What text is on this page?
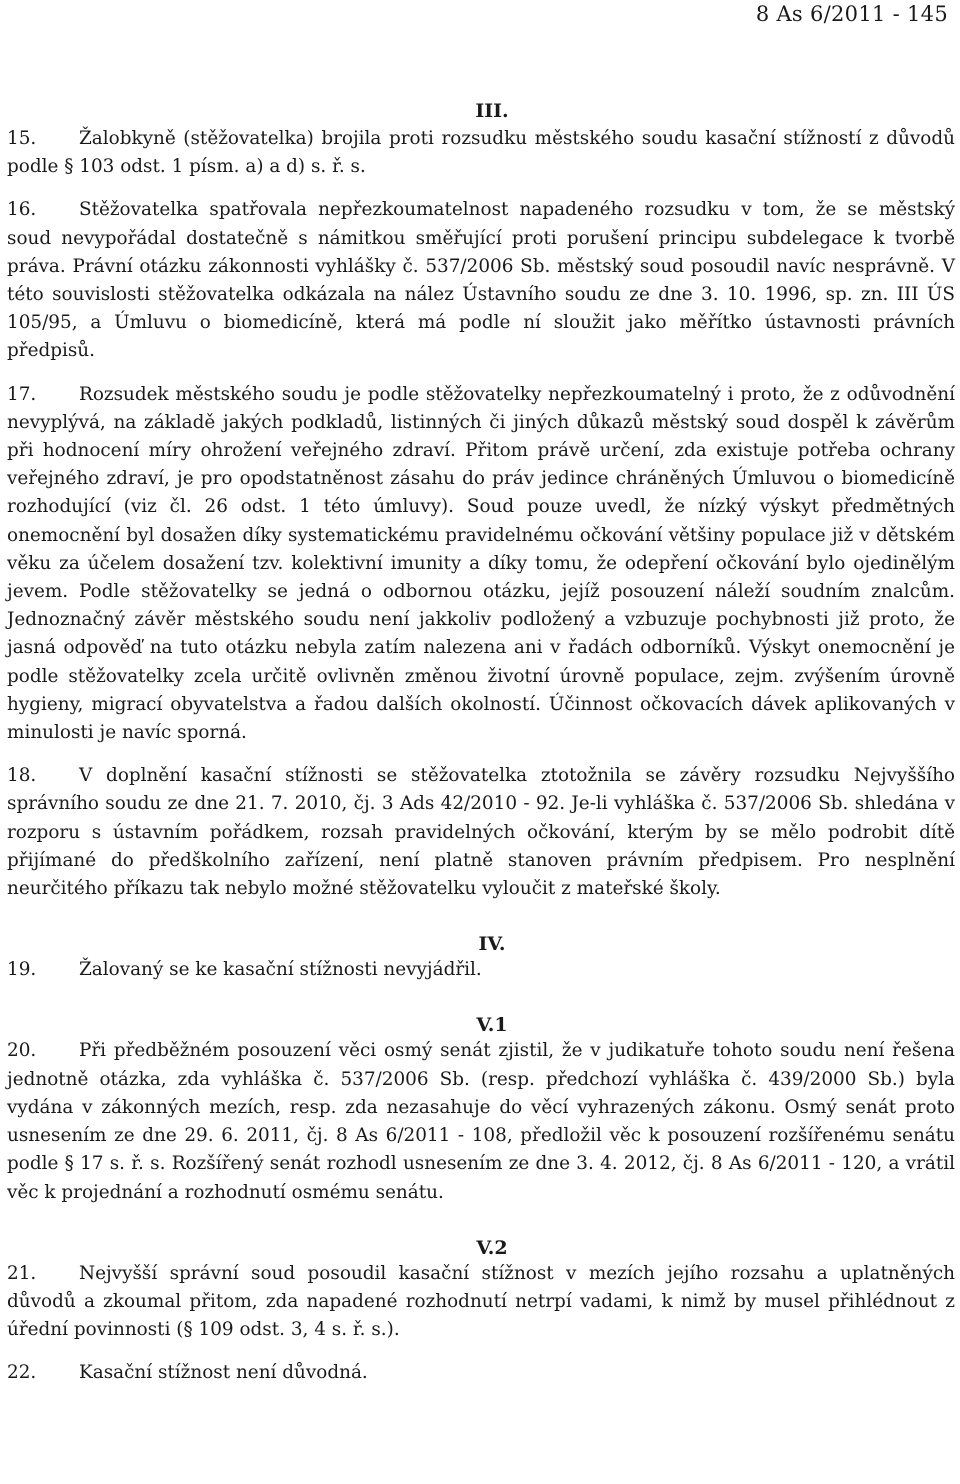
8 As 6/2011 - 145

III.

15. Žalobkyně (stěžovatelka) brojila proti rozsudku městského soudu kasační stížností z důvodů podle § 103 odst. 1 písm. a) a d) s. ř. s.

16. Stěžovatelka spatřovala nepřezkoumatelnost napadeného rozsudku v tom, že se městský soud nevypořádal dostatečně s námitkou směřující proti porušení principu subdelegace k tvorbě práva. Právní otázku zákonnosti vyhlášky č. 537/2006 Sb. městský soud posoudil navíc nesprávně. V této souvislosti stěžovatelka odkázala na nález Ústavního soudu ze dne 3. 10. 1996, sp. zn. III ÚS 105/95, a Úmluvu o biomedicíně, která má podle ní sloužit jako měřítko ústavnosti právních předpisů.

17. Rozsudek městského soudu je podle stěžovatelky nepřezkoumatelný i proto, že z odůvodnění nevyplývá, na základě jakých podkladů, listinných či jiných důkazů městský soud dospěl k závěrům při hodnocení míry ohrožení veřejného zdraví. Přitom právě určení, zda existuje potřeba ochrany veřejného zdraví, je pro opodstatněnost zásahu do práv jedince chráněných Úmluvou o biomedicíně rozhodující (viz čl. 26 odst. 1 této úmluvy). Soud pouze uvedl, že nízký výskyt předmětných onemocnění byl dosažen díky systematickému pravidelnému očkování většiny populace již v dětském věku za účelem dosažení tzv. kolektivní imunity a díky tomu, že odepření očkování bylo ojedinělým jevem. Podle stěžovatelky se jedná o odbornou otázku, jejíž posouzení náleží soudním znalcům. Jednoznačný závěr městského soudu není jakkoliv podložený a vzbuzuje pochybnosti již proto, že jasná odpověď na tuto otázku nebyla zatím nalezena ani v řadách odborníků. Výskyt onemocnění je podle stěžovatelky zcela určitě ovlivněn změnou životní úrovně populace, zejm. zvýšením úrovně hygieny, migrací obyvatelstva a řadou dalších okolností. Účinnost očkovacích dávek aplikovaných v minulosti je navíc sporná.

18. V doplnění kasační stížnosti se stěžovatelka ztotožnila se závěry rozsudku Nejvyššího správního soudu ze dne 21. 7. 2010, čj. 3 Ads 42/2010 - 92. Je-li vyhláška č. 537/2006 Sb. shledána v rozporu s ústavním pořádkem, rozsah pravidelných očkování, kterým by se mělo podrobit dítě přijímané do předškolního zařízení, není platně stanoven právním předpisem. Pro nesplnění neurčitého příkazu tak nebylo možné stěžovatelku vyloučit z mateřské školy.

IV.

19. Žalovaný se ke kasační stížnosti nevyjádřil.

V.1

20. Při předběžném posouzení věci osmý senát zjistil, že v judikatuře tohoto soudu není řešena jednotně otázka, zda vyhláška č. 537/2006 Sb. (resp. předchozí vyhláška č. 439/2000 Sb.) byla vydána v zákonných mezích, resp. zda nezasahuje do věcí vyhrazených zákonu. Osmý senát proto usnesením ze dne 29. 6. 2011, čj. 8 As 6/2011 - 108, předložil věc k posouzení rozšířenému senátu podle § 17 s. ř. s. Rozšířený senát rozhodl usnesením ze dne 3. 4. 2012, čj. 8 As 6/2011 - 120, a vrátil věc k projednání a rozhodnutí osmému senátu.

V.2

21. Nejvyšší správní soud posoudil kasační stížnost v mezích jejího rozsahu a uplatněných důvodů a zkoumal přitom, zda napadené rozhodnutí netrpí vadami, k nimž by musel přihlédnout z úřední povinnosti (§ 109 odst. 3, 4 s. ř. s.).

22. Kasační stížnost není důvodná.
